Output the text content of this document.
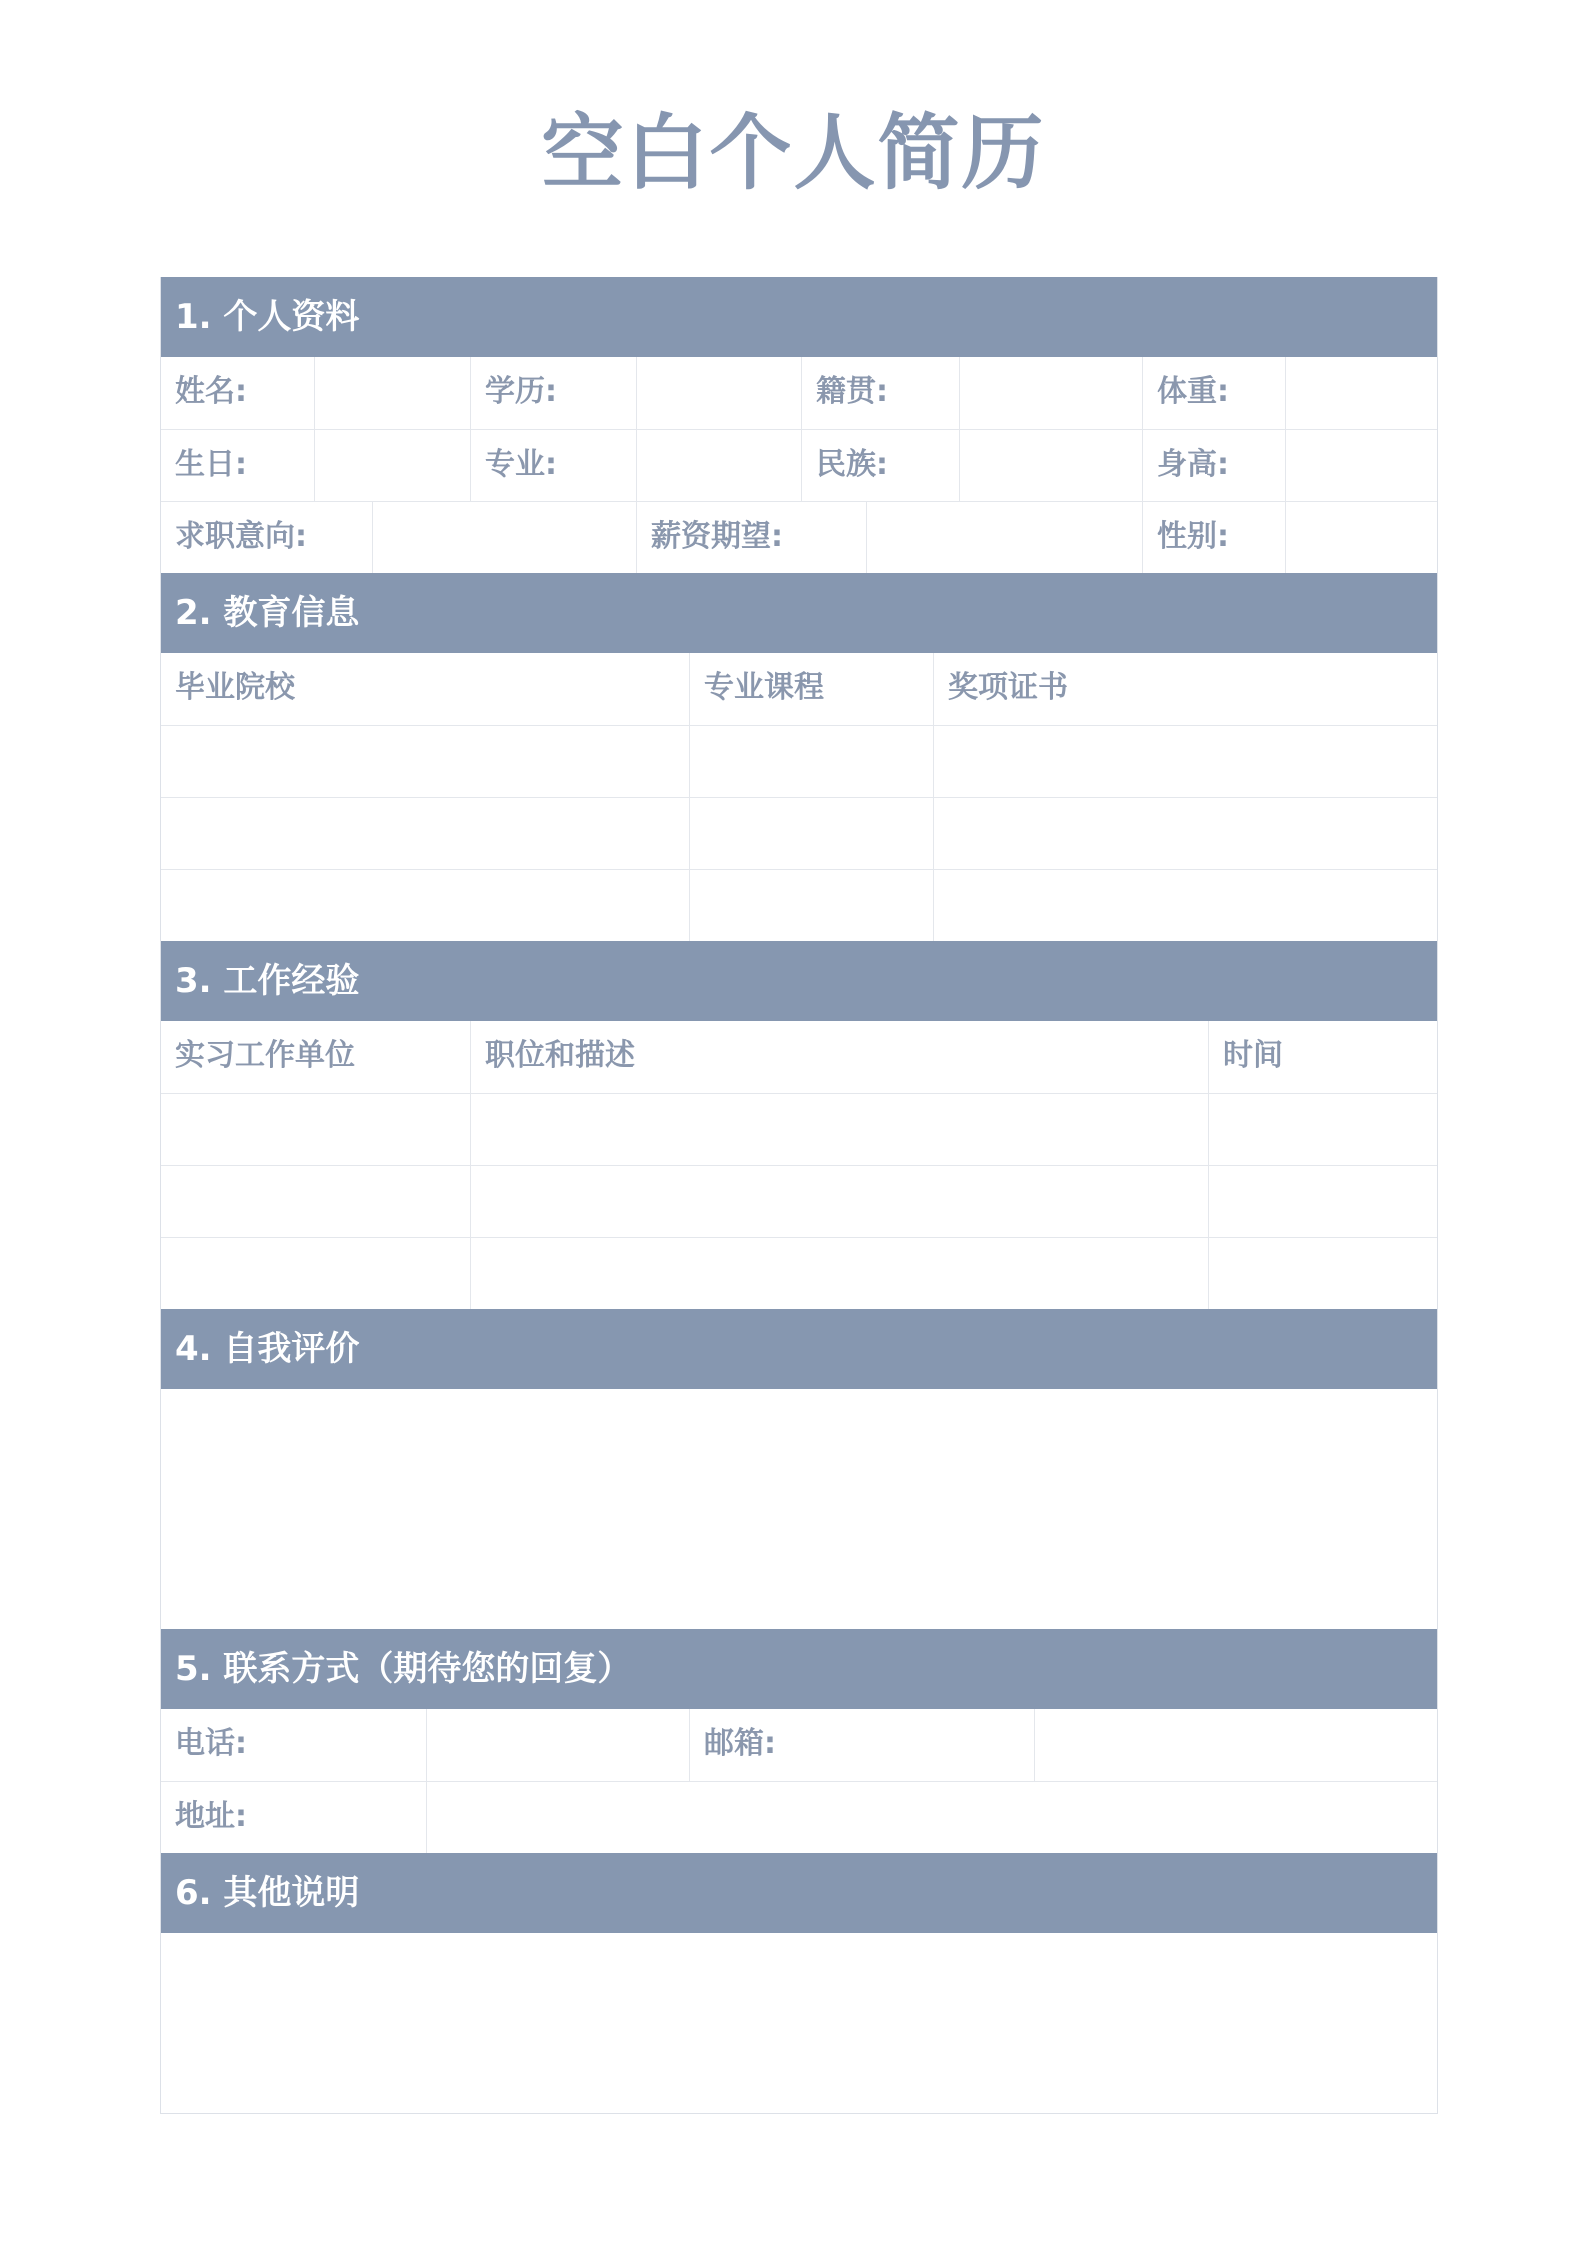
空白个人简历
1. 个人资料
姓名:	学历:	籍贯:	体重:
生日:	专业:	民族:	身高:
求职意向:	薪资期望:	性别:
2. 教育信息
毕业院校	专业课程	奖项证书
3. 工作经验
实习工作单位	职位和描述	时间
4. 自我评价
5. 联系方式（期待您的回复）
电话:	邮箱:
地址:
6. 其他说明
